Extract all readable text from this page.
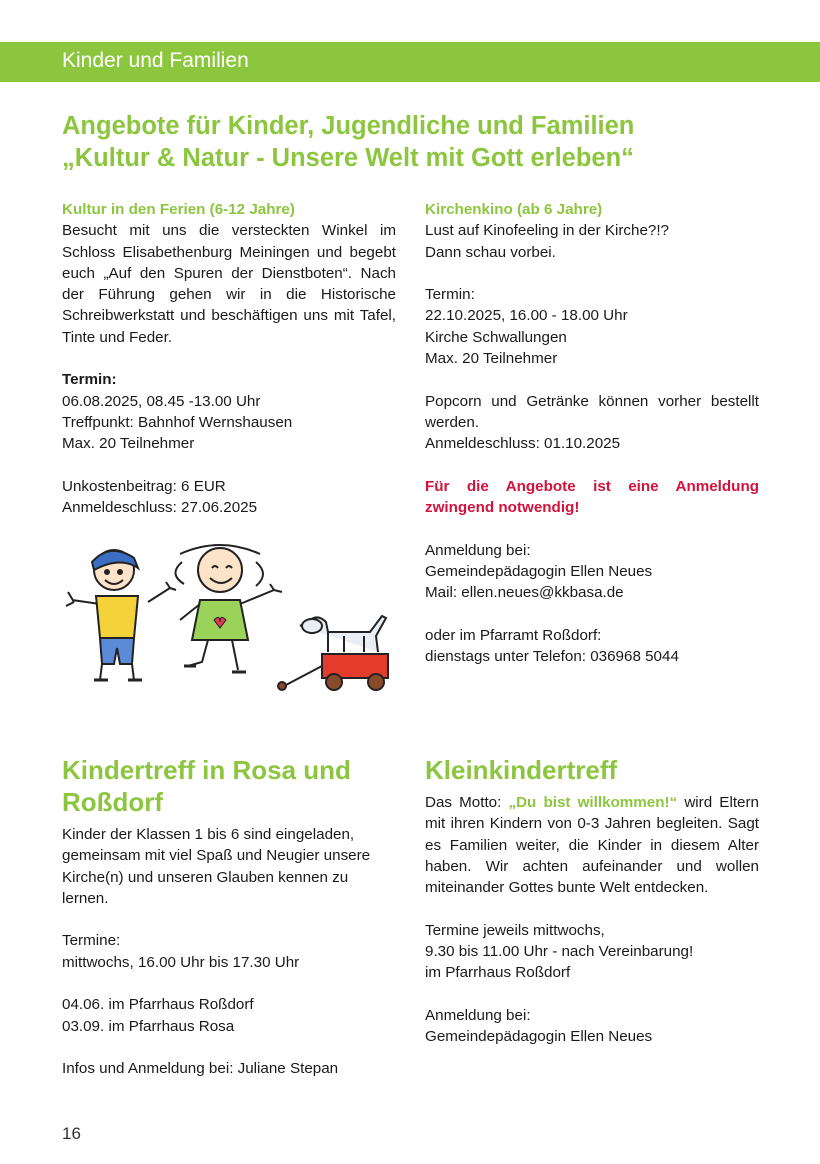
Kinder und Familien
Angebote für Kinder, Jugendliche und Familien
„Kultur & Natur - Unsere Welt mit Gott erleben“

Kultur in den Ferien (6-12 Jahre)

Besucht mit uns die versteckten Winkel im Schloss Elisabethenburg Meiningen und begebt euch „Auf den Spuren der Dienstboten“. Nach der Führung gehen wir in die Historische Schreibwerkstatt und beschäftigen uns mit Tafel, Tinte und Feder.

Termin:

06.08.2025, 08.45 -13.00 Uhr

Treffpunkt: Bahnhof Wernshausen

Max. 20 Teilnehmer

Unkostenbeitrag: 6 EUR

Anmeldeschluss: 27.06.2025

Kirchenkino (ab 6 Jahre)

Lust auf Kinofeeling in der Kirche?!?

Dann schau vorbei.

Termin:

22.10.2025, 16.00 - 18.00 Uhr

Kirche Schwallungen

Max. 20 Teilnehmer

Popcorn und Getränke können vorher bestellt werden.

Anmeldeschluss: 01.10.2025

Für die Angebote ist eine Anmeldung zwingend notwendig!

Anmeldung bei:

Gemeindepädagogin Ellen Neues

Mail: ellen.neues@kkbasa.de

oder im Pfarramt Roßdorf:

dienstags unter Telefon: 036968 5044

Kindertreff in Rosa und Roßdorf

Kinder der Klassen 1 bis 6 sind eingeladen, gemeinsam mit viel Spaß und Neugier unsere Kirche(n) und unseren Glauben kennen zu lernen.

Termine:

mittwochs, 16.00 Uhr bis 17.30 Uhr

04.06. im Pfarrhaus Roßdorf

03.09. im Pfarrhaus Rosa

Infos und Anmeldung bei: Juliane Stepan

Kleinkindertreff

Das Motto: „Du bist willkommen!“ wird Eltern mit ihren Kindern von 0-3 Jahren begleiten. Sagt es Familien weiter, die Kinder in diesem Alter haben. Wir achten aufeinander und wollen miteinander Gottes bunte Welt entdecken.

Termine jeweils mittwochs,

9.30 bis 11.00 Uhr - nach Vereinbarung!

im Pfarrhaus Roßdorf

Anmeldung bei:

Gemeindepädagogin Ellen Neues

16
